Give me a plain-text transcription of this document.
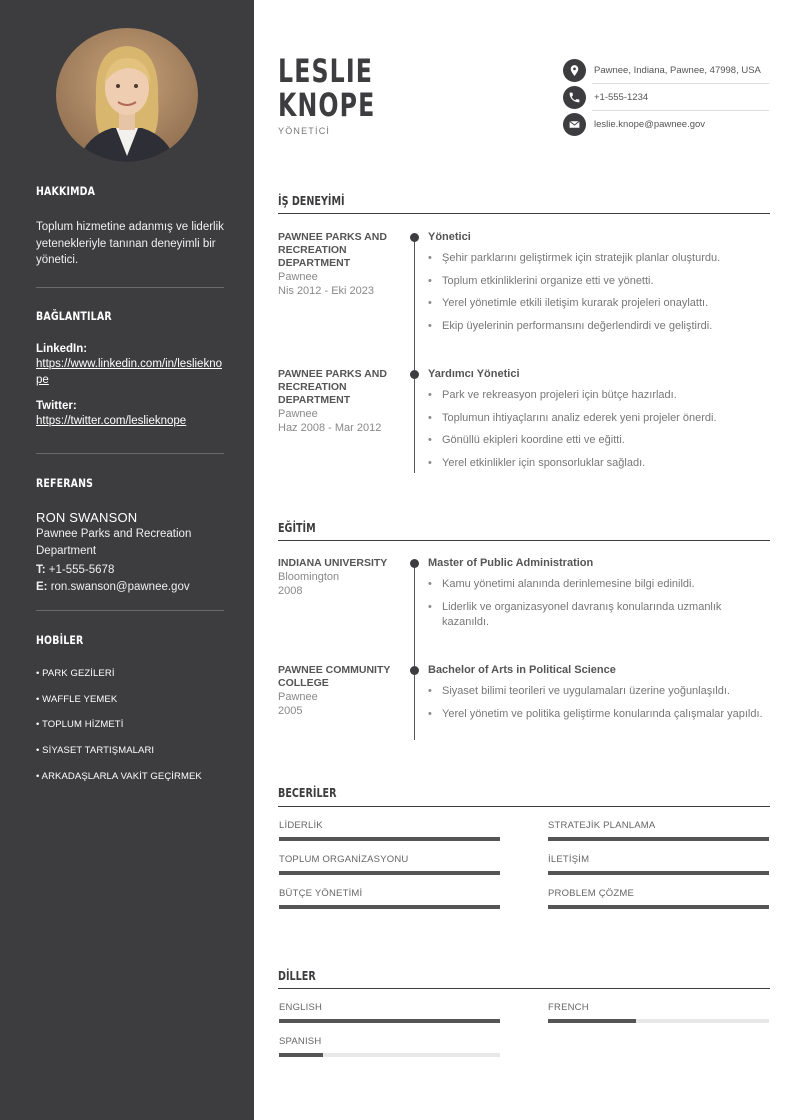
HAKKIMDA
Toplum hizmetine adanmış ve liderlik yetenekleriyle tanınan deneyimli bir yönetici.
BAĞLANTILAR
LinkedIn:
https://www.linkedin.com/in/leslieknope
Twitter:
https://twitter.com/leslieknope
REFERANS
RON SWANSON
Pawnee Parks and Recreation Department
T: +1-555-5678
E: ron.swanson@pawnee.gov
HOBİLER
• PARK GEZİLERİ
• WAFFLE YEMEK
• TOPLUM HİZMETİ
• SİYASET TARTIŞMALARI
• ARKADAŞLARLA VAKİT GEÇİRMEK
LESLIE
KNOPE
YÖNETİCİ
Pawnee, Indiana, Pawnee, 47998, USA
+1-555-1234
leslie.knope@pawnee.gov
İŞ DENEYİMİ
PAWNEE PARKS AND RECREATION DEPARTMENT
Pawnee
Nis 2012 - Eki 2023
Yönetici
• Şehir parklarını geliştirmek için stratejik planlar oluşturdu.
• Toplum etkinliklerini organize etti ve yönetti.
• Yerel yönetimle etkili iletişim kurarak projeleri onaylattı.
• Ekip üyelerinin performansını değerlendirdi ve geliştirdi.
PAWNEE PARKS AND RECREATION DEPARTMENT
Pawnee
Haz 2008 - Mar 2012
Yardımcı Yönetici
• Park ve rekreasyon projeleri için bütçe hazırladı.
• Toplumun ihtiyaçlarını analiz ederek yeni projeler önerdi.
• Gönüllü ekipleri koordine etti ve eğitti.
• Yerel etkinlikler için sponsorluklar sağladı.
EĞİTİM
INDIANA UNIVERSITY
Bloomington
2008
Master of Public Administration
• Kamu yönetimi alanında derinlemesine bilgi edinildi.
• Liderlik ve organizasyonel davranış konularında uzmanlık kazanıldı.
PAWNEE COMMUNITY COLLEGE
Pawnee
2005
Bachelor of Arts in Political Science
• Siyaset bilimi teorileri ve uygulamaları üzerine yoğunlaşıldı.
• Yerel yönetim ve politika geliştirme konularında çalışmalar yapıldı.
BECERİLER
LİDERLİK	STRATEJİK PLANLAMA
TOPLUM ORGANİZASYONU	İLETİŞİM
BÜTÇE YÖNETİMİ	PROBLEM ÇÖZME
DİLLER
ENGLISH	FRENCH
SPANISH
